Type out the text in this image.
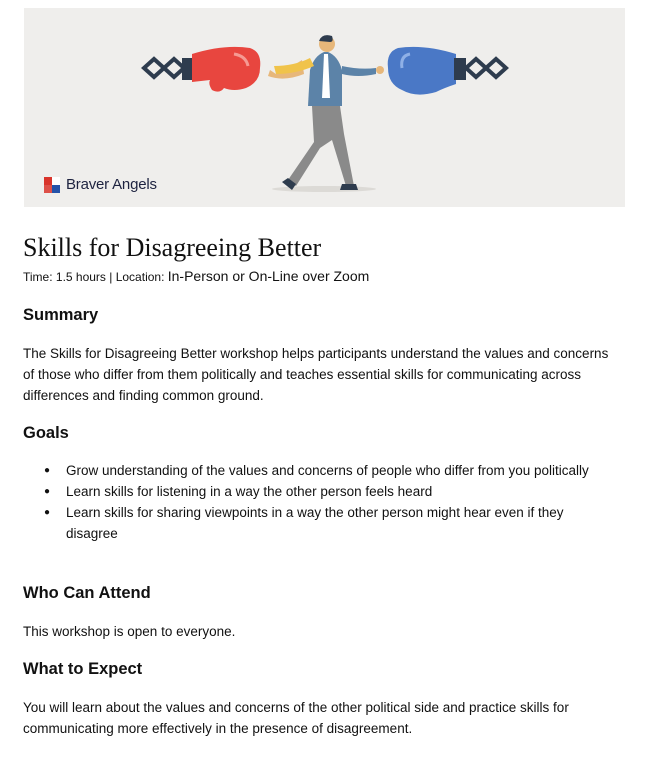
Braver Angels
Skills for Disagreeing Better
Time: 1.5 hours | Location: In-Person or On-Line over Zoom
Summary

The Skills for Disagreeing Better workshop helps participants understand the values and concerns of those who differ from them politically and teaches essential skills for communicating across differences and finding common ground.

Goals
● Grow understanding of the values and concerns of people who differ from you politically
● Learn skills for listening in a way the other person feels heard
● Learn skills for sharing viewpoints in a way the other person might hear even if they disagree
Who Can Attend

This workshop is open to everyone.

What to Expect

You will learn about the values and concerns of the other political side and practice skills for communicating more effectively in the presence of disagreement.
